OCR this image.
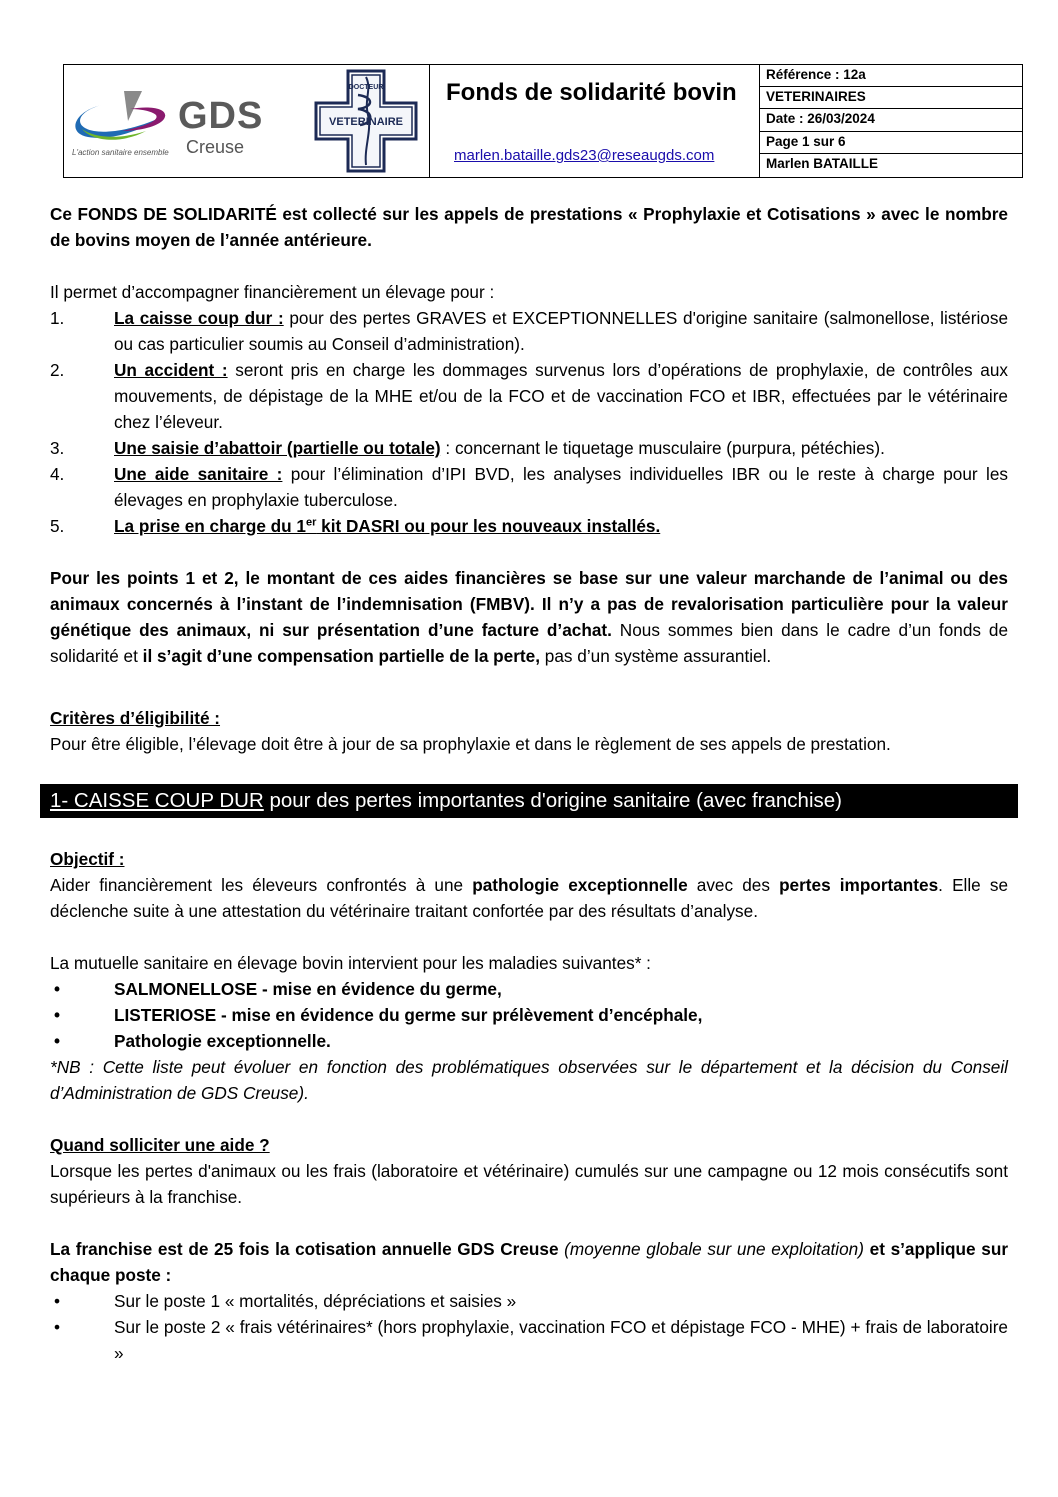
GDS
Creuse
L'action sanitaire ensemble
DOCTEUR
VETERINAIRE
Fonds de solidarité bovin
marlen.bataille.gds23@reseaugds.com
Référence : 12a
VETERINAIRES
Date : 26/03/2024
Page 1 sur 6
Marlen BATAILLE

Ce FONDS DE SOLIDARITÉ est collecté sur les appels de prestations « Prophylaxie et Cotisations » avec le nombre de bovins moyen de l’année antérieure.

Il permet d’accompagner financièrement un élevage pour :

1.	La caisse coup dur : pour des pertes GRAVES et EXCEPTIONNELLES d'origine sanitaire (salmonellose, listériose ou cas particulier soumis au Conseil d’administration).
2.	Un accident : seront pris en charge les dommages survenus lors d’opérations de prophylaxie, de contrôles aux mouvements, de dépistage de la MHE et/ou de la FCO et de vaccination FCO et IBR, effectuées par le vétérinaire chez l’éleveur.
3.	Une saisie d’abattoir (partielle ou totale) : concernant le tiquetage musculaire (purpura, pétéchies).
4.	Une aide sanitaire : pour l’élimination d’IPI BVD, les analyses individuelles IBR ou le reste à charge pour les élevages en prophylaxie tuberculose.
5.	La prise en charge du 1er kit DASRI ou pour les nouveaux installés.

Pour les points 1 et 2, le montant de ces aides financières se base sur une valeur marchande de l’animal ou des animaux concernés à l’instant de l’indemnisation (FMBV). Il n’y a pas de revalorisation particulière pour la valeur génétique des animaux, ni sur présentation d’une facture d’achat. Nous sommes bien dans le cadre d’un fonds de solidarité et il s’agit d’une compensation partielle de la perte, pas d’un système assurantiel.

Critères d’éligibilité :

Pour être éligible, l’élevage doit être à jour de sa prophylaxie et dans le règlement de ses appels de prestation.

1- CAISSE COUP DUR pour des pertes importantes d'origine sanitaire (avec franchise)

Objectif :

Aider financièrement les éleveurs confrontés à une pathologie exceptionnelle avec des pertes importantes. Elle se déclenche suite à une attestation du vétérinaire traitant confortée par des résultats d’analyse.

La mutuelle sanitaire en élevage bovin intervient pour les maladies suivantes* :

•	SALMONELLOSE - mise en évidence du germe,
•	LISTERIOSE - mise en évidence du germe sur prélèvement d’encéphale,
•	Pathologie exceptionnelle.

*NB : Cette liste peut évoluer en fonction des problématiques observées sur le département et la décision du Conseil d’Administration de GDS Creuse).

Quand solliciter une aide ?

Lorsque les pertes d'animaux ou les frais (laboratoire et vétérinaire) cumulés sur une campagne ou 12 mois consécutifs sont supérieurs à la franchise.

La franchise est de 25 fois la cotisation annuelle GDS Creuse (moyenne globale sur une exploitation) et s’applique sur chaque poste :

•	Sur le poste 1 « mortalités, dépréciations et saisies »
•	Sur le poste 2 « frais vétérinaires* (hors prophylaxie, vaccination FCO et dépistage FCO - MHE) + frais de laboratoire »
